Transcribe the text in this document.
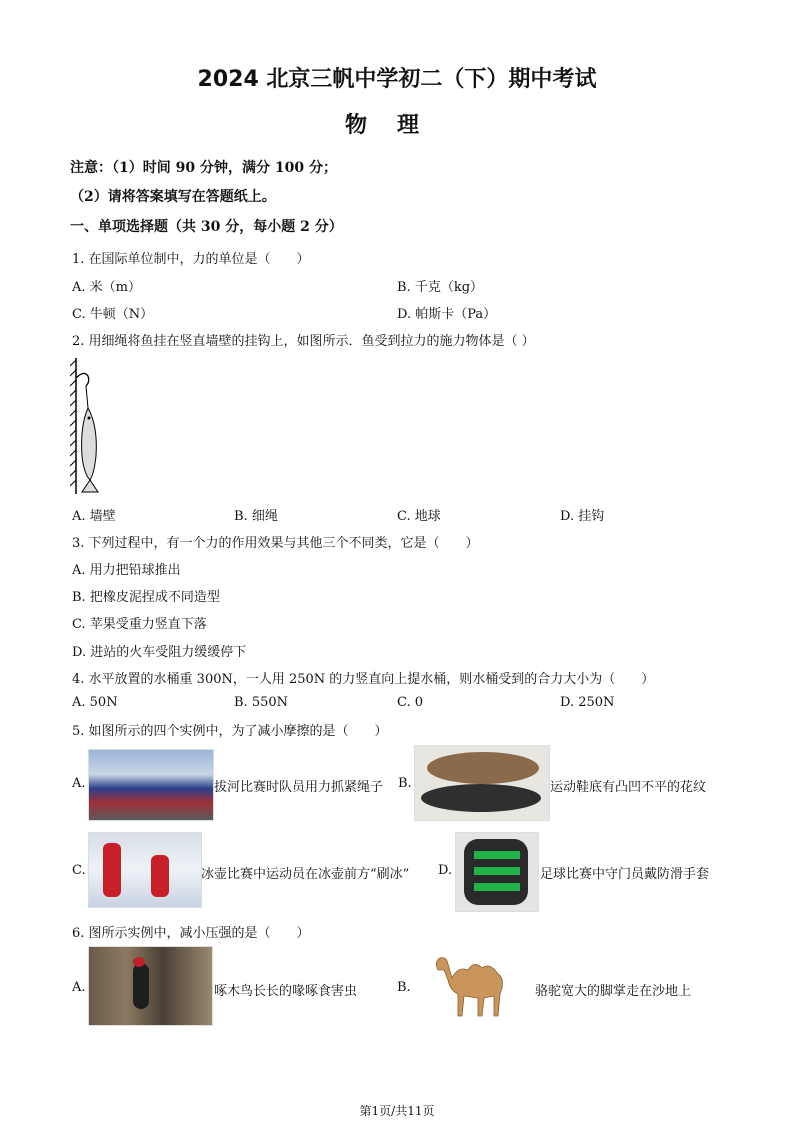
2024 北京三帆中学初二（下）期中考试
物理
注意：（1）时间 90 分钟，满分 100 分；
（2）请将答案填写在答题纸上。
一、单项选择题（共 30 分，每小题 2 分）
1. 在国际单位制中，力的单位是（　　）
A. 米（m）	B. 千克（kg）
C. 牛顿（N）	D. 帕斯卡（Pa）
2. 用细绳将鱼挂在竖直墙壁的挂钩上，如图所示．鱼受到拉力的施力物体是（ ）
A. 墙壁	B. 细绳	C. 地球	D. 挂钩
3. 下列过程中，有一个力的作用效果与其他三个不同类，它是（　　）
A. 用力把铅球推出
B. 把橡皮泥捏成不同造型
C. 苹果受重力竖直下落
D. 进站的火车受阻力缓缓停下
4. 水平放置的水桶重 300N，一人用 250N 的力竖直向上提水桶，则水桶受到的合力大小为（　　）
A. 50N	B. 550N	C. 0	D. 250N
5. 如图所示的四个实例中，为了减小摩擦的是（　　）
A.	拔河比赛时队员用力抓紧绳子 B.	运动鞋底有凸凹不平的花纹
C.	冰壶比赛中运动员在冰壶前方“刷冰” D.	足球比赛中守门员戴防滑手套
6. 图所示实例中，减小压强的是（　　）
A.	啄木鸟长长的喙啄食害虫	B.	骆驼宽大的脚掌走在沙地上
第1页/共11页
